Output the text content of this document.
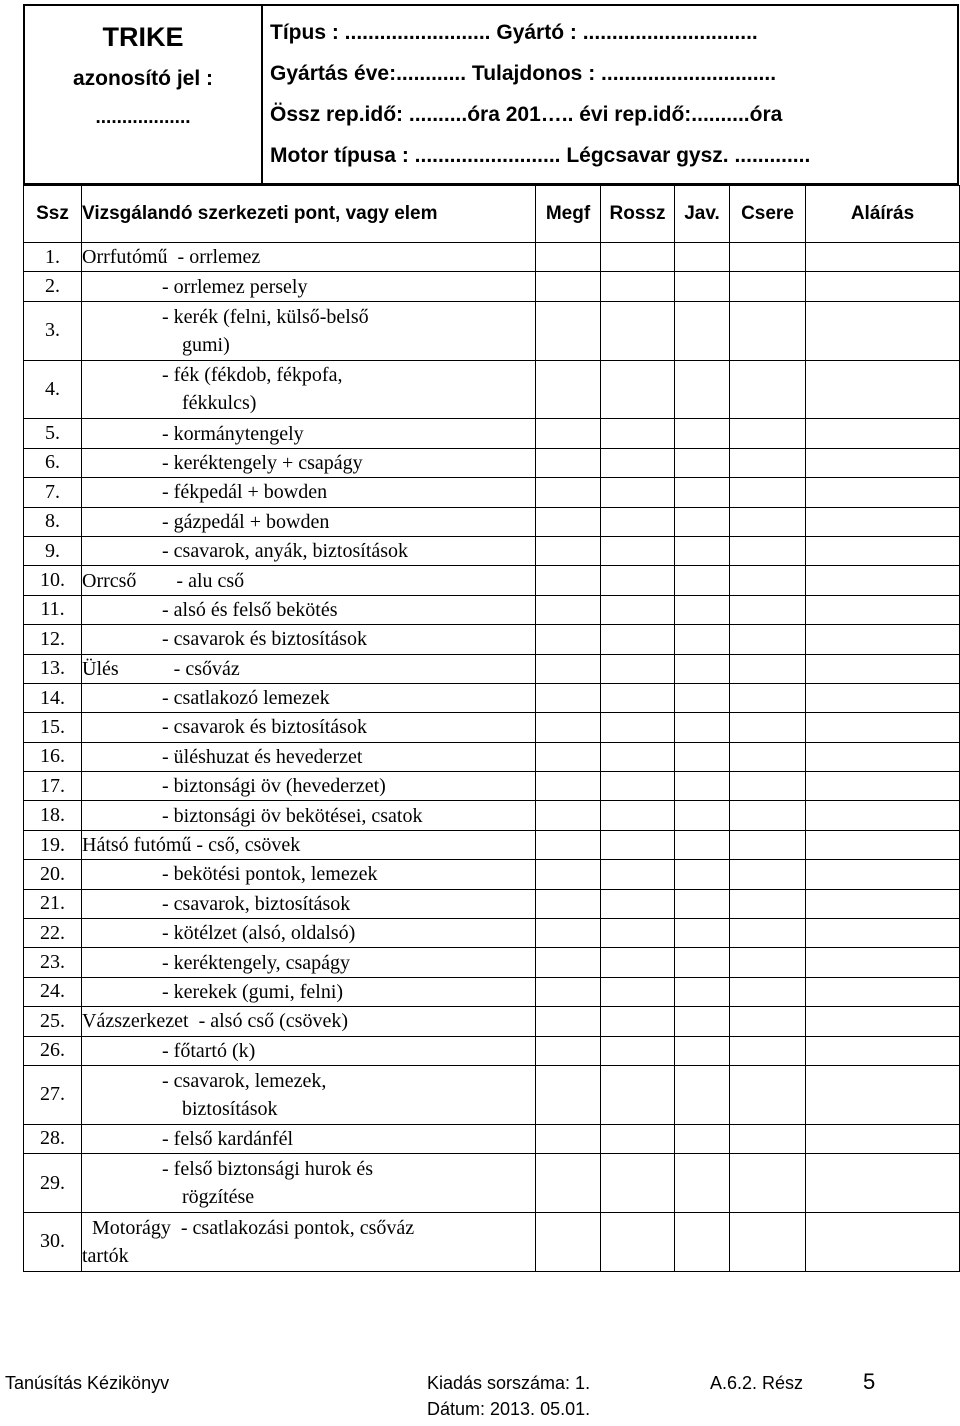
TRIKE
azonosító jel :
..................
Típus : ......................... Gyártó : ..............................
Gyártás éve:............ Tulajdonos : ..............................
Össz rep.idő: ..........óra 201….. évi rep.idő:..........óra
Motor típusa : ......................... Légcsavar gysz. .............
Ssz	Vizsgálandó szerkezeti pont, vagy elem	Megf	Rossz	Jav.	Csere	Aláírás
1.	Orrfutómű  - orrlemez					
2.	- orrlemez persely					
3.	- kerék (felni, külső-belső
gumi)					
4.	- fék (fékdob, fékpofa,
fékkulcs)					
5.	- kormánytengely					
6.	- keréktengely + csapágy					
7.	- fékpedál + bowden					
8.	- gázpedál + bowden					
9.	- csavarok, anyák, biztosítások					
10.	Orrcső        - alu cső					
11.	- alsó és felső bekötés					
12.	- csavarok és biztosítások					
13.	Ülés           - csőváz					
14.	- csatlakozó lemezek					
15.	- csavarok és biztosítások					
16.	- üléshuzat és hevederzet					
17.	- biztonsági öv (hevederzet)					
18.	- biztonsági öv bekötései, csatok					
19.	Hátsó futómű - cső, csövek					
20.	- bekötési pontok, lemezek					
21.	- csavarok, biztosítások					
22.	- kötélzet (alsó, oldalsó)					
23.	- keréktengely, csapágy					
24.	- kerekek (gumi, felni)					
25.	Vázszerkezet  - alsó cső (csövek)					
26.	- főtartó (k)					
27.	- csavarok, lemezek,
biztosítások					
28.	- felső kardánfél					
29.	- felső biztonsági hurok és
rögzítése					
30.	Motorágy  - csatlakozási pontok, csőváz
tartók					
Tanúsítás Kézikönyv	Kiadás sorszáma: 1.	A.6.2. Rész	5
Dátum: 2013. 05.01.
